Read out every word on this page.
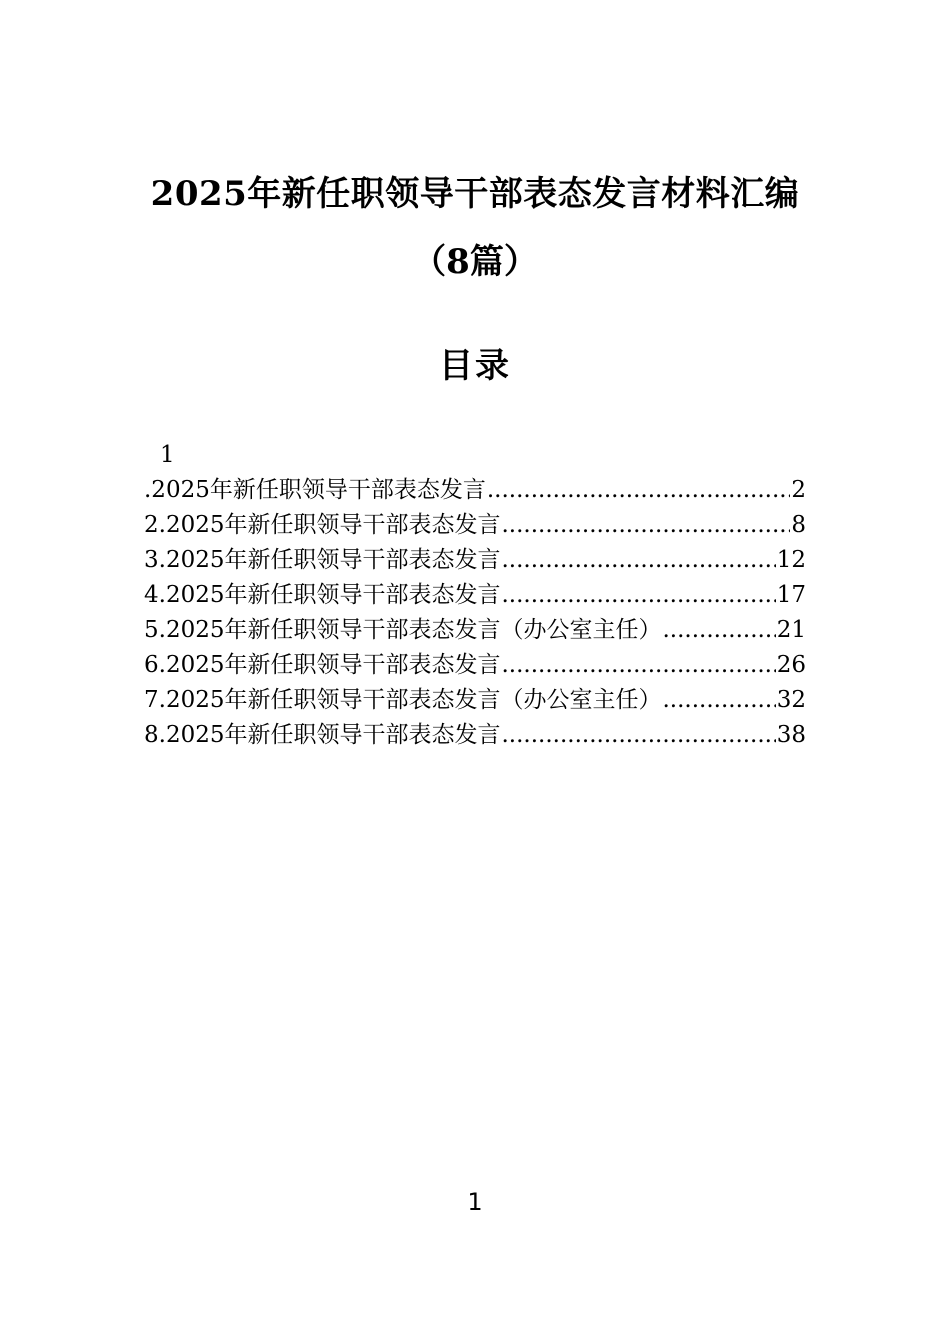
2025年新任职领导干部表态发言材料汇编
（8篇）
目录
1
.2025年新任职领导干部表态发言 .....	2
2.2025年新任职领导干部表态发言 .....	8
3.2025年新任职领导干部表态发言 .....	12
4.2025年新任职领导干部表态发言 .....	17
5.2025年新任职领导干部表态发言（办公室主任） .....	21
6.2025年新任职领导干部表态发言 .....	26
7.2025年新任职领导干部表态发言（办公室主任） .....	32
8.2025年新任职领导干部表态发言 .....	38
1
